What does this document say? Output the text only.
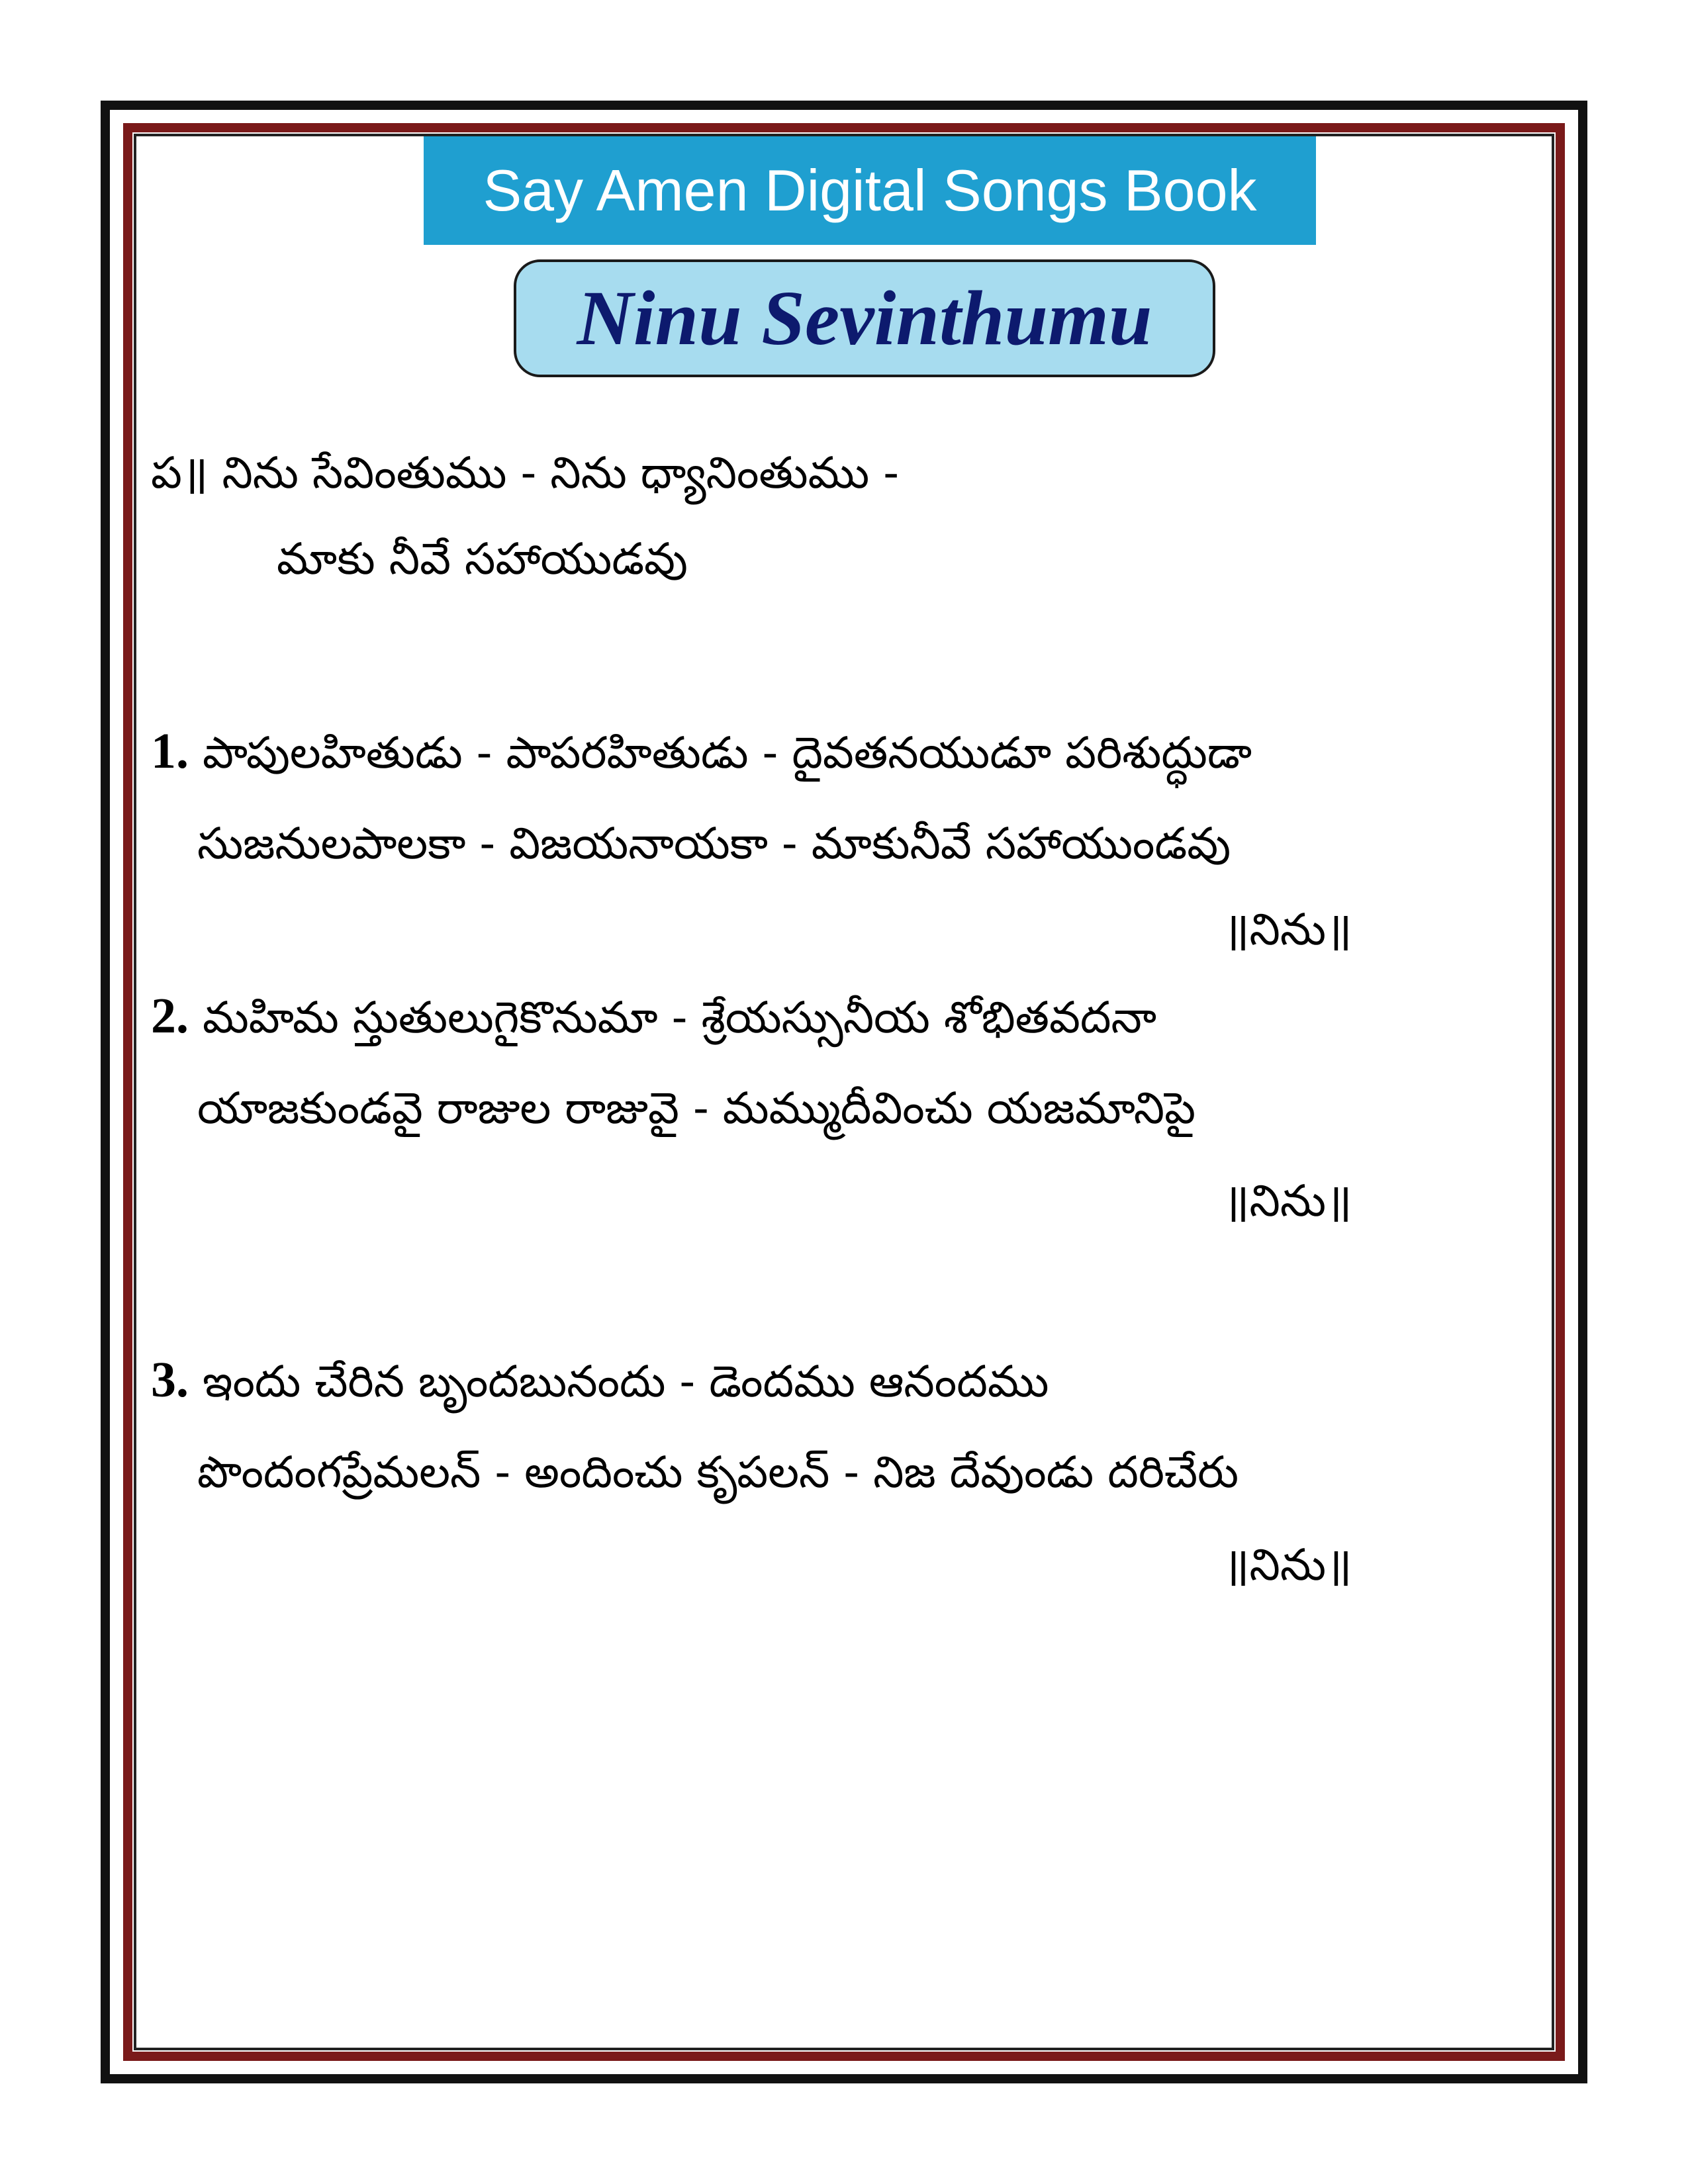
Say Amen Digital Songs Book
Ninu Sevinthumu
ప॥ నిను సేవింతుము - నిను ధ్యానింతుము -
మాకు నీవే సహాయుడవు
1. పాపులహితుడు - పాపరహితుడు - దైవతనయుడూ పరిశుద్ధుడా
సుజనులపాలకా - విజయనాయకా - మాకునీవే సహాయుండవు
॥నిను॥
2. మహిమ స్తుతులుగైకొనుమా - శ్రేయస్సునీయ శోభితవదనా
యాజకుండవై రాజుల రాజువై - మమ్ముదీవించు యజమానిపై
॥నిను॥
3. ఇందు చేరిన బృందబునందు - డెందము ఆనందము
పొందంగప్రేమలన్ - అందించు కృపలన్ - నిజ దేవుండు దరిచేరు
॥నిను॥
